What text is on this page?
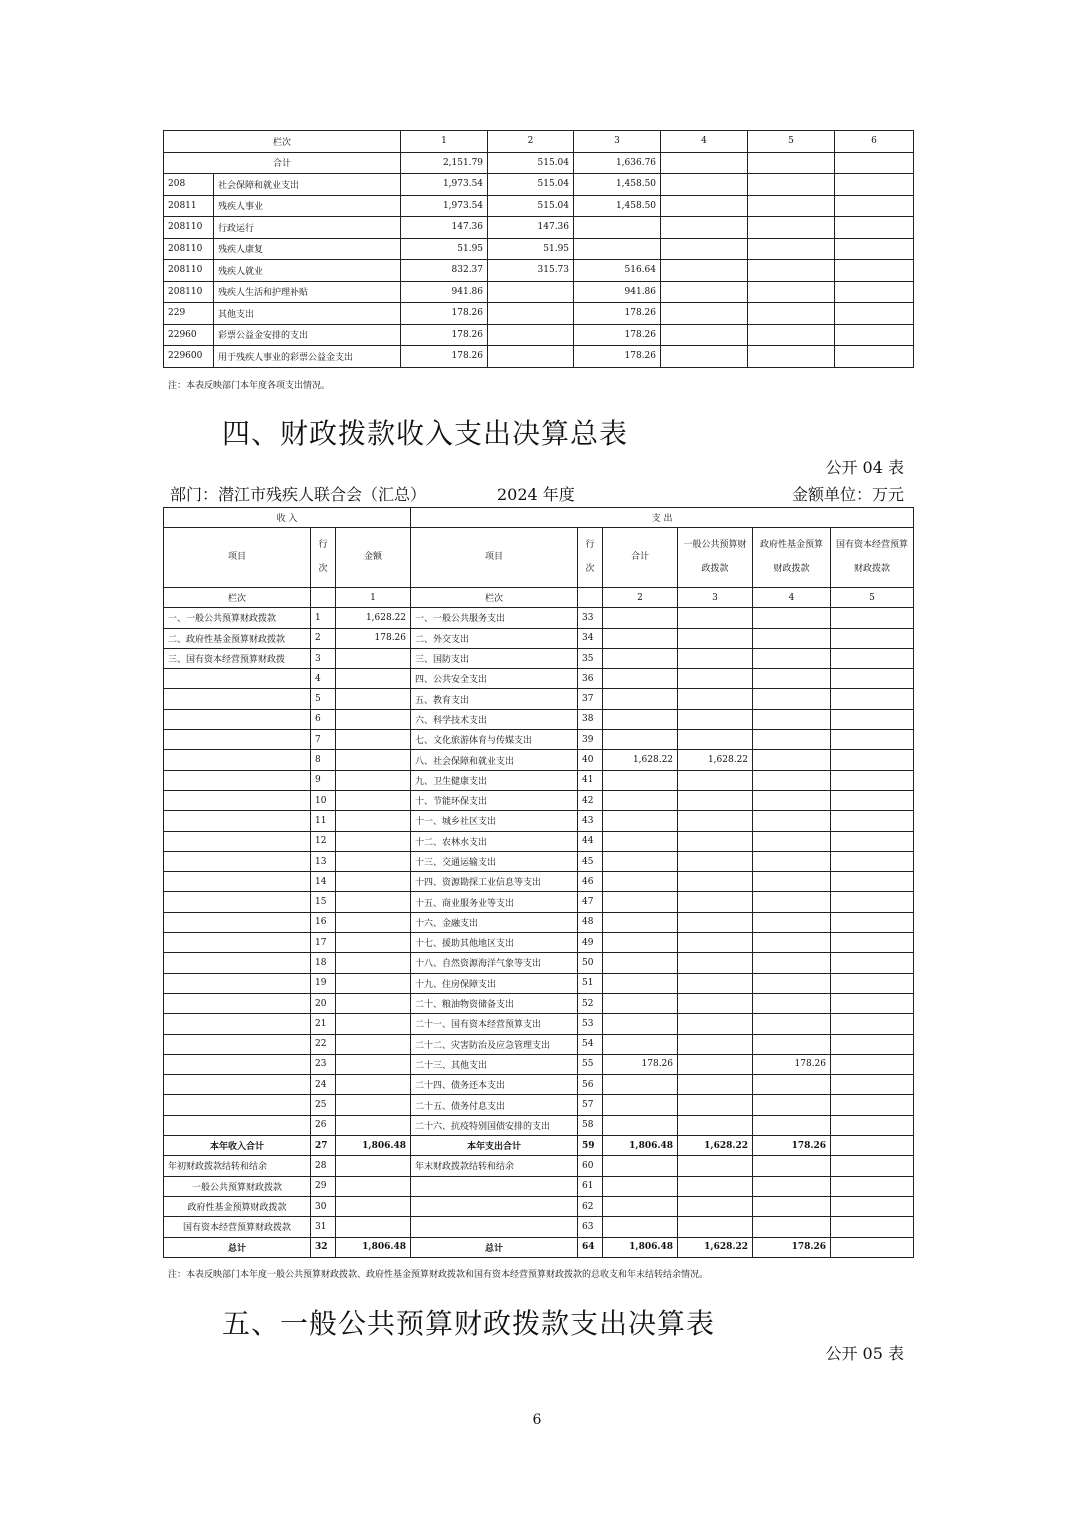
栏次		1	2	3	4	5	6
合计		2,151.79	515.04	1,636.76			
208	社会保障和就业支出	1,973.54	515.04	1,458.50			
20811	残疾人事业	1,973.54	515.04	1,458.50			
208110	行政运行	147.36	147.36				
208110	残疾人康复	51.95	51.95				
208110	残疾人就业	832.37	315.73	516.64			
208110	残疾人生活和护理补贴	941.86		941.86			
229	其他支出	178.26		178.26			
22960	彩票公益金安排的支出	178.26		178.26			
229600	用于残疾人事业的彩票公益金支出	178.26		178.26			
注：本表反映部门本年度各项支出情况。
四、财政拨款收入支出决算总表
公开 04 表
部门：潜江市残疾人联合会（汇总）	2024 年度	金额单位：万元
收 入			支 出					
项目	行次	金额	项目	行次	合计	一般公共预算财政拨款	政府性基金预算财政拨款	国有资本经营预算财政拨款
栏次		1	栏次		2	3	4	5
一、一般公共预算财政拨款	1	1,628.22	一、一般公共服务支出	33				
二、政府性基金预算财政拨款	2	178.26	二、外交支出	34				
三、国有资本经营预算财政拨	3		三、国防支出	35				
	4		四、公共安全支出	36				
	5		五、教育支出	37				
	6		六、科学技术支出	38				
	7		七、文化旅游体育与传媒支出	39				
	8		八、社会保障和就业支出	40	1,628.22	1,628.22		
	9		九、卫生健康支出	41				
	10		十、节能环保支出	42				
	11		十一、城乡社区支出	43				
	12		十二、农林水支出	44				
	13		十三、交通运输支出	45				
	14		十四、资源勘探工业信息等支出	46				
	15		十五、商业服务业等支出	47				
	16		十六、金融支出	48				
	17		十七、援助其他地区支出	49				
	18		十八、自然资源海洋气象等支出	50				
	19		十九、住房保障支出	51				
	20		二十、粮油物资储备支出	52				
	21		二十一、国有资本经营预算支出	53				
	22		二十二、灾害防治及应急管理支出	54				
	23		二十三、其他支出	55	178.26		178.26	
	24		二十四、债务还本支出	56				
	25		二十五、债务付息支出	57				
	26		二十六、抗疫特别国债安排的支出	58				
本年收入合计	27	1,806.48	本年支出合计	59	1,806.48	1,628.22	178.26	
年初财政拨款结转和结余	28		年末财政拨款结转和结余	60				
一般公共预算财政拨款	29			61				
政府性基金预算财政拨款	30			62				
国有资本经营预算财政拨款	31			63				
总计	32	1,806.48	总计	64	1,806.48	1,628.22	178.26	
注：本表反映部门本年度一般公共预算财政拨款、政府性基金预算财政拨款和国有资本经营预算财政拨款的总收支和年末结转结余情况。
五、一般公共预算财政拨款支出决算表
公开 05 表
6
